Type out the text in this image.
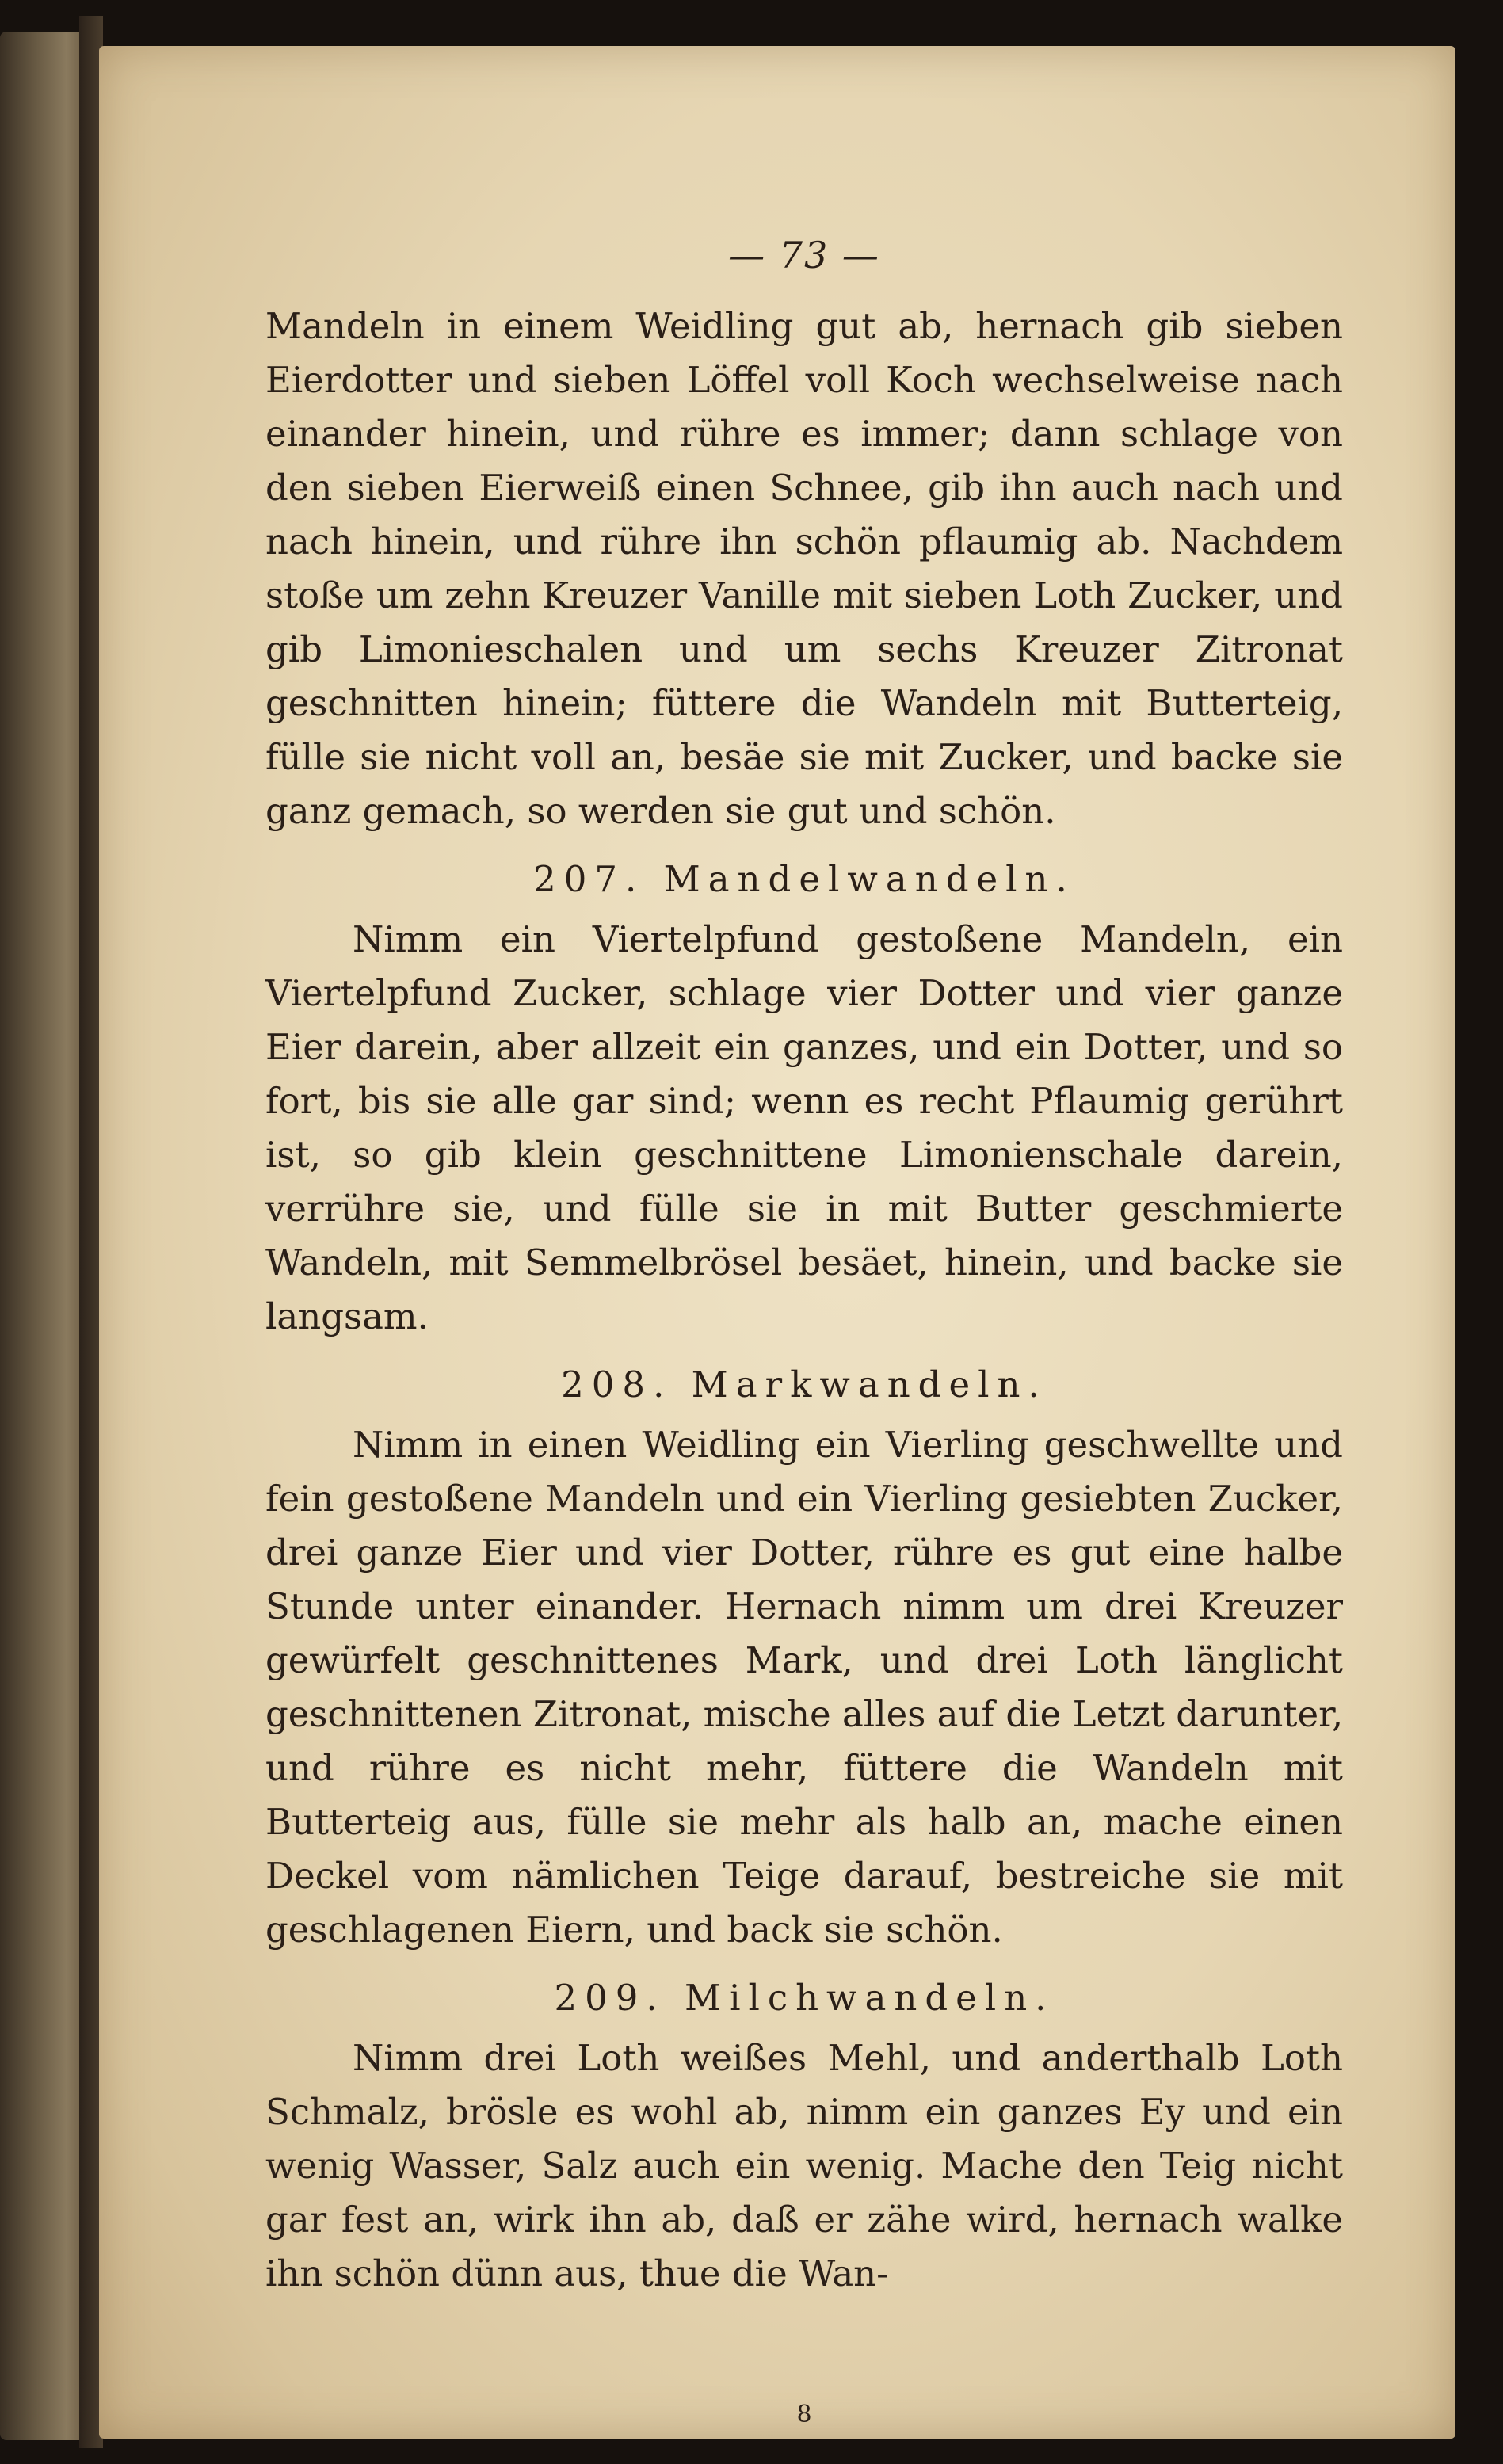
— 73 —

Mandeln in einem Weidling gut ab, hernach gib sieben Eierdotter und sieben Löffel voll Koch wechselweise nach einander hinein, und rühre es immer; dann schlage von den sieben Eierweiß einen Schnee, gib ihn auch nach und nach hinein, und rühre ihn schön pflaumig ab. Nachdem stoße um zehn Kreuzer Vanille mit sieben Loth Zucker, und gib Limonieschalen und um sechs Kreuzer Zitronat geschnitten hinein; füttere die Wandeln mit Butterteig, fülle sie nicht voll an, besäe sie mit Zucker, und backe sie ganz gemach, so werden sie gut und schön.

207. Mandelwandeln.

Nimm ein Viertelpfund gestoßene Mandeln, ein Viertelpfund Zucker, schlage vier Dotter und vier ganze Eier darein, aber allzeit ein ganzes, und ein Dotter, und so fort, bis sie alle gar sind; wenn es recht Pflaumig gerührt ist, so gib klein geschnittene Limonienschale darein, verrühre sie, und fülle sie in mit Butter geschmierte Wandeln, mit Semmelbrösel besäet, hinein, und backe sie langsam.

208. Markwandeln.

Nimm in einen Weidling ein Vierling geschwellte und fein gestoßene Mandeln und ein Vierling gesiebten Zucker, drei ganze Eier und vier Dotter, rühre es gut eine halbe Stunde unter einander. Hernach nimm um drei Kreuzer gewürfelt geschnittenes Mark, und drei Loth länglicht geschnittenen Zitronat, mische alles auf die Letzt darunter, und rühre es nicht mehr, füttere die Wandeln mit Butterteig aus, fülle sie mehr als halb an, mache einen Deckel vom nämlichen Teige darauf, bestreiche sie mit geschlagenen Eiern, und back sie schön.

209. Milchwandeln.

Nimm drei Loth weißes Mehl, und anderthalb Loth Schmalz, brösle es wohl ab, nimm ein ganzes Ey und ein wenig Wasser, Salz auch ein wenig. Mache den Teig nicht gar fest an, wirk ihn ab, daß er zähe wird, hernach walke ihn schön dünn aus, thue die Wan-

8
